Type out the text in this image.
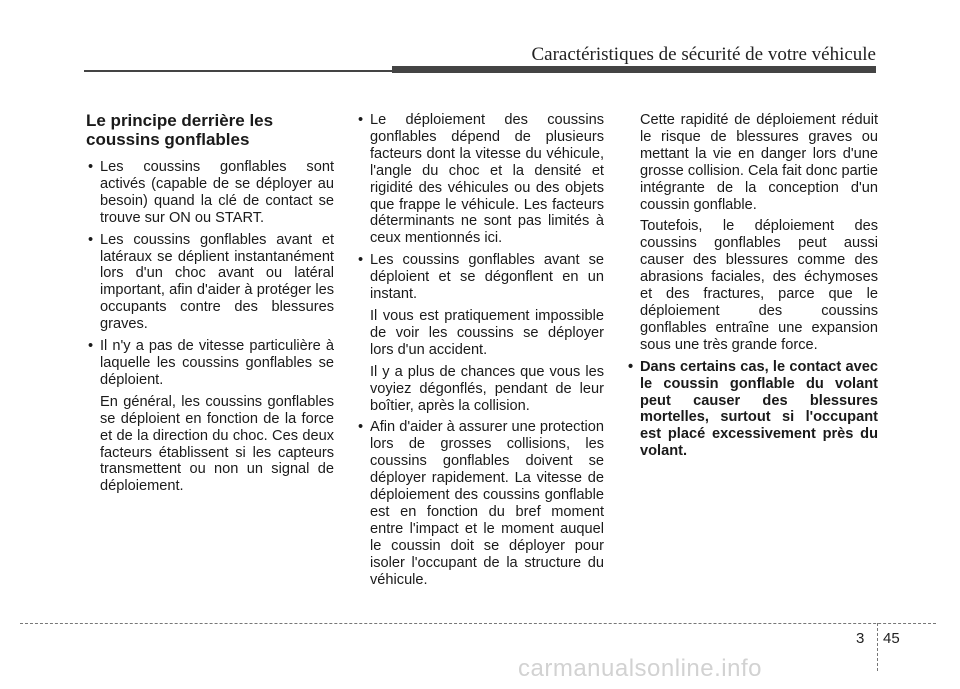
Caractéristiques de sécurité de votre véhicule
Le principe derrière les coussins gonflables
• Les coussins gonflables sont activés (capable de se déployer au besoin) quand la clé de contact se trouve sur ON ou START.
• Les coussins gonflables avant et latéraux se déplient instantanément lors d'un choc avant ou latéral important, afin d'aider à protéger les occupants contre des blessures graves.
• Il n'y a pas de vitesse particulière à laquelle les coussins gonflables se déploient.
En général, les coussins gonflables se déploient en fonction de la force et de la direction du choc. Ces deux facteurs établissent si les capteurs transmettent ou non un signal de déploiement.
• Le déploiement des coussins gonflables dépend de plusieurs facteurs dont la vitesse du véhicule, l'angle du choc et la densité et rigidité des véhicules ou des objets que frappe le véhicule. Les facteurs déterminants ne sont pas limités à ceux mentionnés ici.
• Les coussins gonflables avant se déploient et se dégonflent en un instant.
Il vous est pratiquement impossible de voir les coussins se déployer lors d'un accident.
Il y a plus de chances que vous les voyiez dégonflés, pendant de leur boîtier, après la collision.
• Afin d'aider à assurer une protection lors de grosses collisions, les coussins gonflables doivent se déployer rapidement. La vitesse de déploiement des coussins gonflable est en fonction du bref moment entre l'impact et le moment auquel le coussin doit se déployer pour isoler l'occupant de la structure du véhicule.
Cette rapidité de déploiement réduit le risque de blessures graves ou mettant la vie en danger lors d'une grosse collision. Cela fait donc partie intégrante de la conception d'un coussin gonflable.
Toutefois, le déploiement des coussins gonflables peut aussi causer des blessures comme des abrasions faciales, des échymoses et des fractures, parce que le déploiement des coussins gonflables entraîne une expansion sous une très grande force.
• Dans certains cas, le contact avec le coussin gonflable du volant peut causer des blessures mortelles, surtout si l'occupant est placé excessivement près du volant.
3 45
carmanualsonline.info
